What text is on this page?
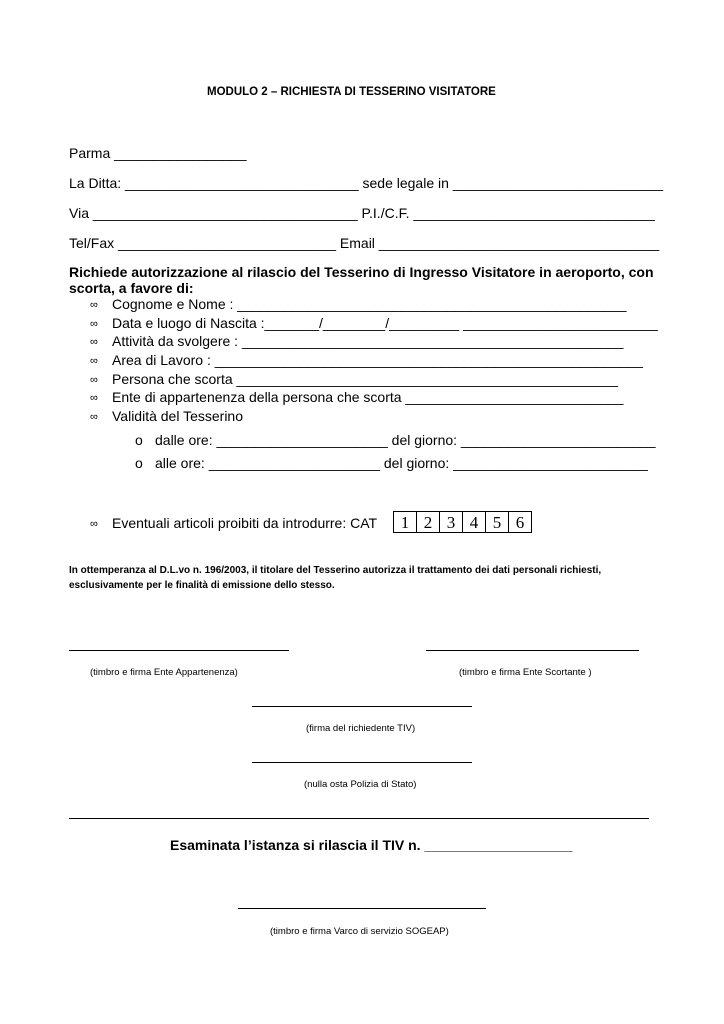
MODULO 2 – RICHIESTA DI TESSERINO VISITATORE
Parma _________________
La Ditta: ______________________________ sede legale in ___________________________
Via __________________________________ P.I./C.F. _______________________________
Tel/Fax ____________________________ Email ____________________________________
Richiede autorizzazione al rilascio del Tesserino di Ingresso Visitatore in aeroporto, con
scorta, a favore di:
∞ Cognome e Nome : __________________________________________________
∞ Data e luogo di Nascita :_______/________/_________ _________________________
∞ Attività da svolgere : _________________________________________________
∞ Area di Lavoro : _______________________________________________________
∞ Persona che scorta _________________________________________________
∞ Ente di appartenenza della persona che scorta ____________________________
∞ Validità del Tesserino
o dalle ore: ______________________ del giorno: _________________________
o alle ore: ______________________ del giorno: _________________________
∞ Eventuali articoli proibiti da introdurre: CAT	1 2 3 4 5 6
In ottemperanza al D.L.vo n. 196/2003, il titolare del Tesserino autorizza il trattamento dei dati personali richiesti, esclusivamente per le finalità di emissione dello stesso.
(timbro e firma Ente Appartenenza)	(timbro e firma Ente Scortante )
(firma del richiedente TIV)
(nulla osta Polizia di Stato)
Esaminata l’istanza si rilascia il TIV n. ___________________
(timbro e firma Varco di servizio SOGEAP)
